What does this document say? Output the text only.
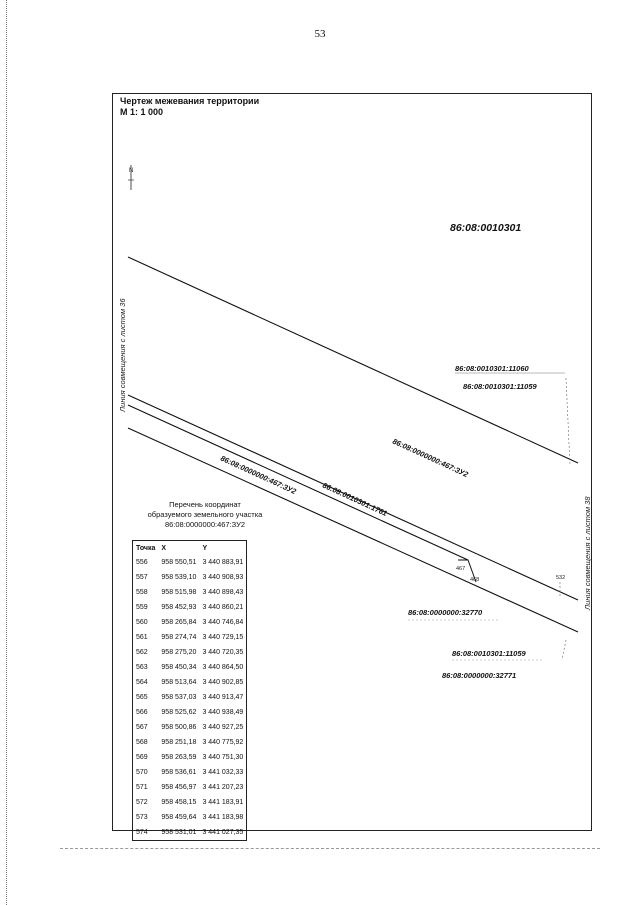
53
Чертеж межевания территории
М 1: 1 000
N
86:08:0010301
86:08:0010301:11060
86:08:0010301:11059
86:08:0000000:467:ЗУ2
86:08:0010301:1761
86:08:0000000:467:ЗУ2
86:08:0000000:32770
86:08:0010301:11059
86:08:0000000:32771
467
468	532
Линия совмещения с листом 36
Линия совмещения с листом 38
Перечень координат
образуемого земельного участка
86:08:0000000:467:ЗУ2
Точка	X	Y
556	958 550,51	3 440 883,91
557	958 539,10	3 440 908,93
558	958 515,98	3 440 898,43
559	958 452,93	3 440 860,21
560	958 265,84	3 440 746,84
561	958 274,74	3 440 729,15
562	958 275,20	3 440 720,35
563	958 450,34	3 440 864,50
564	958 513,64	3 440 902,85
565	958 537,03	3 440 913,47
566	958 525,62	3 440 938,49
567	958 500,86	3 440 927,25
568	958 251,18	3 440 775,92
569	958 263,59	3 440 751,30
570	958 536,61	3 441 032,33
571	958 456,97	3 441 207,23
572	958 458,15	3 441 183,91
573	958 459,64	3 441 183,98
574	958 531,01	3 441 027,35
